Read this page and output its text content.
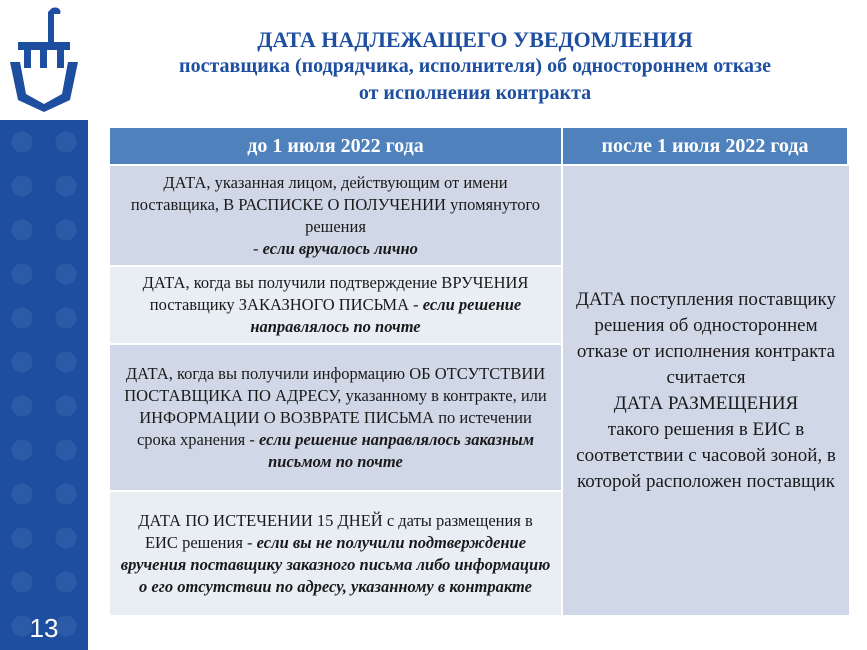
13
ДАТА НАДЛЕЖАЩЕГО УВЕДОМЛЕНИЯ
поставщика (подрядчика, исполнителя) об одностороннем отказе
от исполнения контракта
до 1 июля 2022 года	после 1 июля 2022 года
ДАТА, указанная лицом, действующим от имени поставщика, В РАСПИСКЕ О ПОЛУЧЕНИИ упомянутого решения
- если вручалось лично
ДАТА, когда вы получили подтверждение ВРУЧЕНИЯ поставщику ЗАКАЗНОГО ПИСЬМА - если решение направлялось по почте
ДАТА, когда вы получили информацию ОБ ОТСУТСТВИИ ПОСТАВЩИКА ПО АДРЕСУ, указанному в контракте, или ИНФОРМАЦИИ О ВОЗВРАТЕ ПИСЬМА по истечении срока хранения - если решение направлялось заказным письмом по почте
ДАТА ПО ИСТЕЧЕНИИ 15 ДНЕЙ с даты размещения в ЕИС решения - если вы не получили подтверждение вручения поставщику заказного письма либо информацию о его отсутствии по адресу, указанному в контракте
ДАТА поступления поставщику решения об одностороннем отказе от исполнения контракта считается
ДАТА РАЗМЕЩЕНИЯ
такого решения в ЕИС в соответствии с часовой зоной, в которой расположен поставщик
